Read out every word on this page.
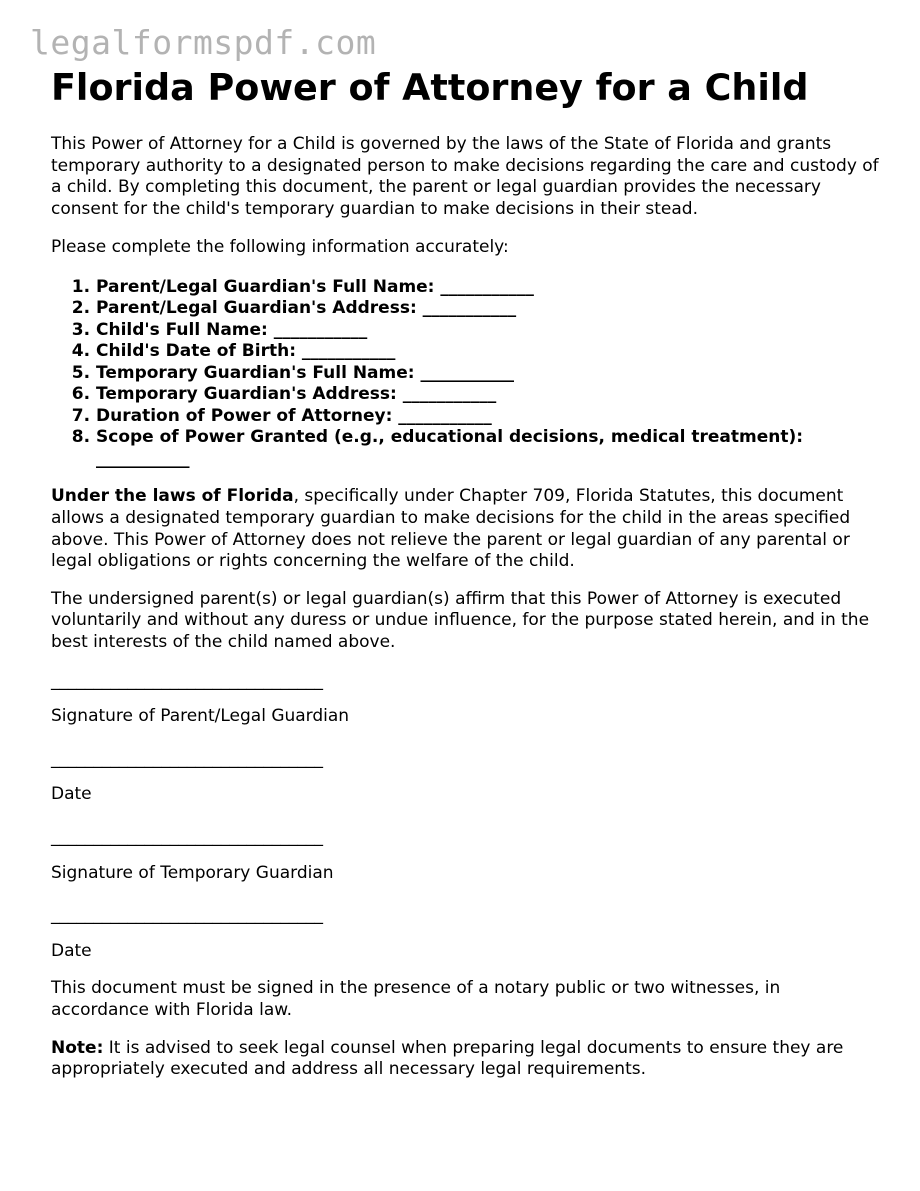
legalformspdf.com
Florida Power of Attorney for a Child

This Power of Attorney for a Child is governed by the laws of the State of Florida and grants temporary authority to a designated person to make decisions regarding the care and custody of a child. By completing this document, the parent or legal guardian provides the necessary consent for the child's temporary guardian to make decisions in their stead.

Please complete the following information accurately:

1. Parent/Legal Guardian's Full Name: ___________
2. Parent/Legal Guardian's Address: ___________
3. Child's Full Name: ___________
4. Child's Date of Birth: ___________
5. Temporary Guardian's Full Name: ___________
6. Temporary Guardian's Address: ___________
7. Duration of Power of Attorney: ___________
8. Scope of Power Granted (e.g., educational decisions, medical treatment): ___________

Under the laws of Florida, specifically under Chapter 709, Florida Statutes, this document allows a designated temporary guardian to make decisions for the child in the areas specified above. This Power of Attorney does not relieve the parent or legal guardian of any parental or legal obligations or rights concerning the welfare of the child.

The undersigned parent(s) or legal guardian(s) affirm that this Power of Attorney is executed voluntarily and without any duress or undue influence, for the purpose stated herein, and in the best interests of the child named above.

________________________________
Signature of Parent/Legal Guardian
________________________________
Date
________________________________
Signature of Temporary Guardian
________________________________
Date

This document must be signed in the presence of a notary public or two witnesses, in accordance with Florida law.

Note: It is advised to seek legal counsel when preparing legal documents to ensure they are appropriately executed and address all necessary legal requirements.
